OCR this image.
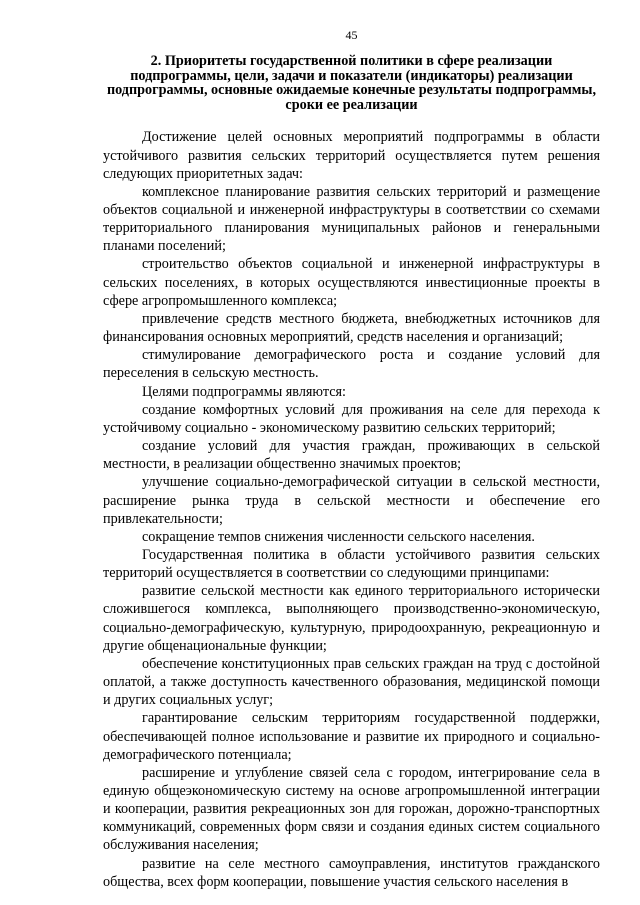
45
2. Приоритеты государственной политики в сфере реализации подпрограммы, цели, задачи и показатели (индикаторы) реализации подпрограммы, основные ожидаемые конечные результаты подпрограммы, сроки ее реализации

Достижение целей основных мероприятий подпрограммы в области устойчивого развития сельских территорий осуществляется путем решения следующих приоритетных задач:

комплексное планирование развития сельских территорий и размещение объектов социальной и инженерной инфраструктуры в соответствии со схемами территориального планирования муниципальных районов и генеральными планами поселений;

строительство объектов социальной и инженерной инфраструктуры в сельских поселениях, в которых осуществляются инвестиционные проекты в сфере агропромышленного комплекса;

привлечение средств местного бюджета, внебюджетных источников для финансирования основных мероприятий, средств населения и организаций;

стимулирование демографического роста и создание условий для переселения в сельскую местность.

Целями подпрограммы являются:

создание комфортных условий для проживания на селе для перехода к устойчивому социально - экономическому развитию сельских территорий;

создание условий для участия граждан, проживающих в сельской местности, в реализации общественно значимых проектов;

улучшение социально-демографической ситуации в сельской местности, расширение рынка труда в сельской местности и обеспечение его привлекательности;

сокращение темпов снижения численности сельского населения.

Государственная политика в области устойчивого развития сельских территорий осуществляется в соответствии со следующими принципами:

развитие сельской местности как единого территориального исторически сложившегося комплекса, выполняющего производственно-экономическую, социально-демографическую, культурную, природоохранную, рекреационную и другие общенациональные функции;

обеспечение конституционных прав сельских граждан на труд с достойной оплатой, а также доступность качественного образования, медицинской помощи и других социальных услуг;

гарантирование сельским территориям государственной поддержки, обеспечивающей полное использование и развитие их природного и социально-демографического потенциала;

расширение и углубление связей села с городом, интегрирование села в единую общеэкономическую систему на основе агропромышленной интеграции и кооперации, развития рекреационных зон для горожан, дорожно-транспортных коммуникаций, современных форм связи и создания единых систем социального обслуживания населения;

развитие на селе местного самоуправления, институтов гражданского общества, всех форм кооперации, повышение участия сельского населения в
